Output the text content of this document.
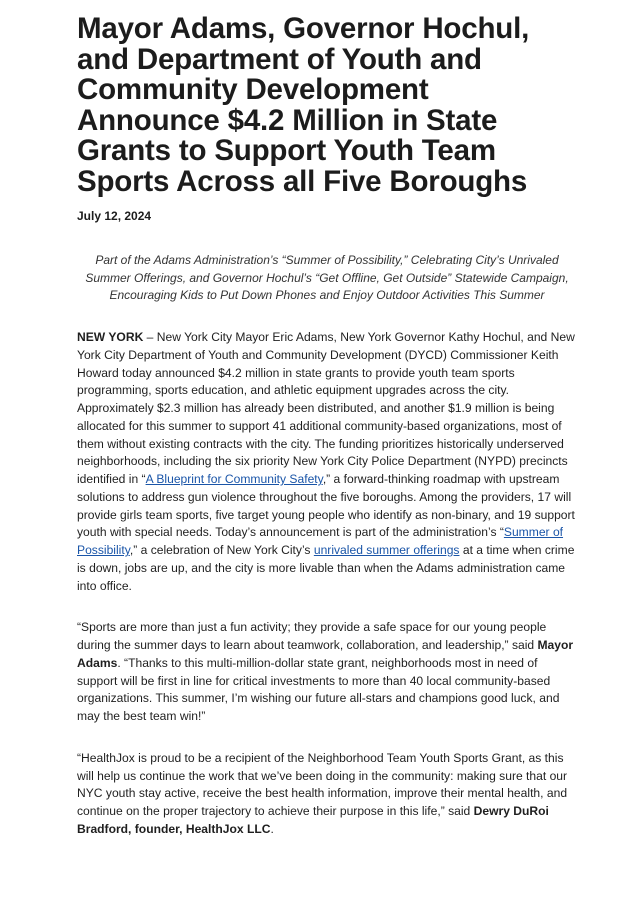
Mayor Adams, Governor Hochul, and Department of Youth and Community Development Announce $4.2 Million in State Grants to Support Youth Team Sports Across all Five Boroughs
July 12, 2024

Part of the Adams Administration’s “Summer of Possibility,” Celebrating City’s Unrivaled Summer Offerings, and Governor Hochul’s “Get Offline, Get Outside” Statewide Campaign, Encouraging Kids to Put Down Phones and Enjoy Outdoor Activities This Summer

NEW YORK – New York City Mayor Eric Adams, New York Governor Kathy Hochul, and New York City Department of Youth and Community Development (DYCD) Commissioner Keith Howard today announced $4.2 million in state grants to provide youth team sports programming, sports education, and athletic equipment upgrades across the city. Approximately $2.3 million has already been distributed, and another $1.9 million is being allocated for this summer to support 41 additional community-based organizations, most of them without existing contracts with the city. The funding prioritizes historically underserved neighborhoods, including the six priority New York City Police Department (NYPD) precincts identified in “A Blueprint for Community Safety,” a forward-thinking roadmap with upstream solutions to address gun violence throughout the five boroughs. Among the providers, 17 will provide girls team sports, five target young people who identify as non-binary, and 19 support youth with special needs. Today’s announcement is part of the administration’s “Summer of Possibility,” a celebration of New York City’s unrivaled summer offerings at a time when crime is down, jobs are up, and the city is more livable than when the Adams administration came into office.

“Sports are more than just a fun activity; they provide a safe space for our young people during the summer days to learn about teamwork, collaboration, and leadership,” said Mayor Adams. “Thanks to this multi-million-dollar state grant, neighborhoods most in need of support will be first in line for critical investments to more than 40 local community-based organizations. This summer, I’m wishing our future all-stars and champions good luck, and may the best team win!”

“HealthJox is proud to be a recipient of the Neighborhood Team Youth Sports Grant, as this will help us continue the work that we’ve been doing in the community: making sure that our NYC youth stay active, receive the best health information, improve their mental health, and continue on the proper trajectory to achieve their purpose in this life,” said Dewry DuRoi Bradford, founder, HealthJox LLC.
